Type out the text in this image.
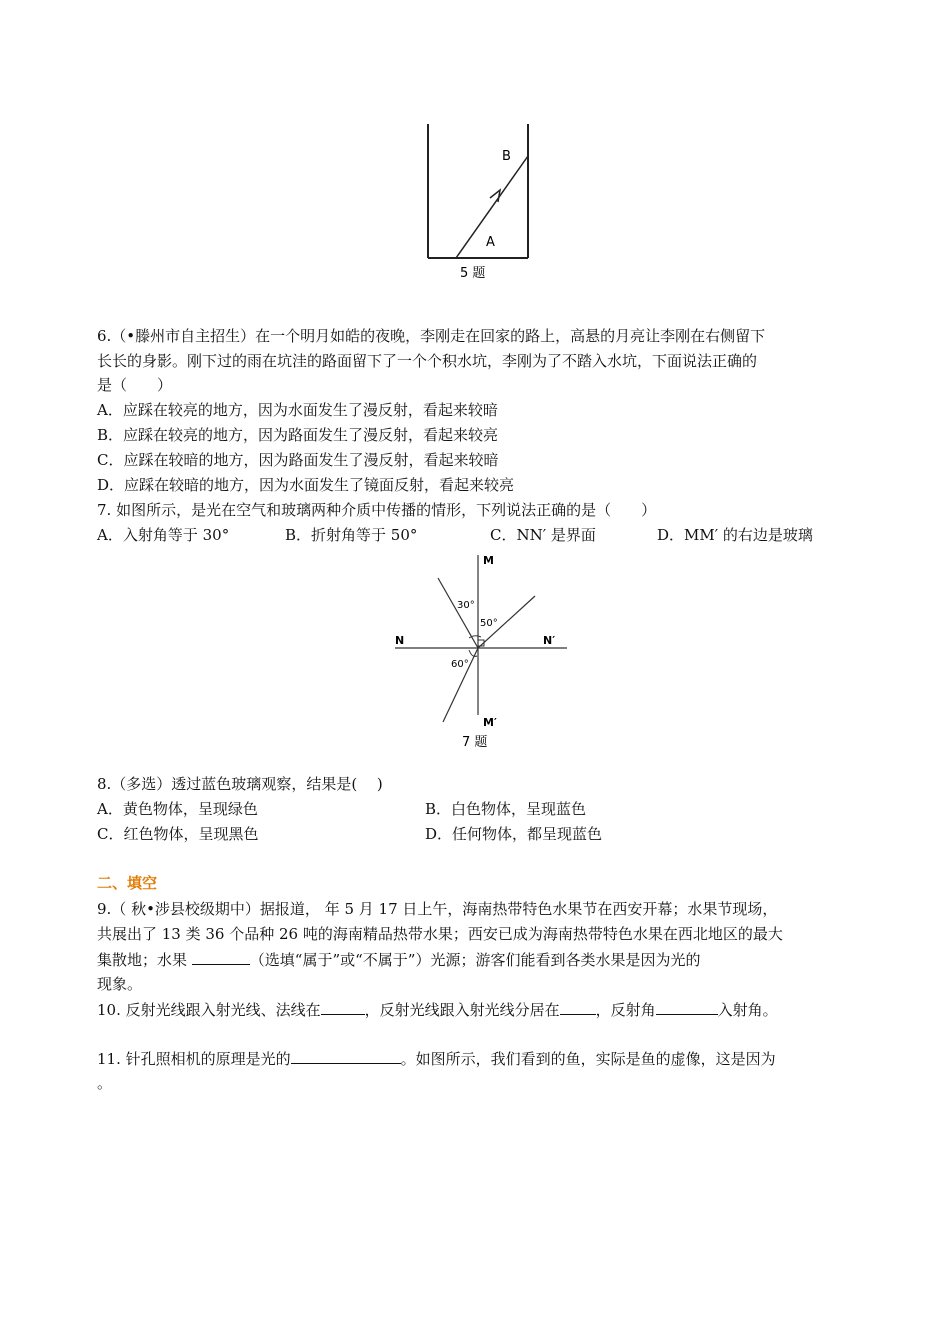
B
A
5 题
6.（•滕州市自主招生）在一个明月如皓的夜晚，李刚走在回家的路上，高悬的月亮让李刚在右侧留下
长长的身影。刚下过的雨在坑洼的路面留下了一个个积水坑，李刚为了不踏入水坑，下面说法正确的
是（　　）
A．应踩在较亮的地方，因为水面发生了漫反射，看起来较暗
B．应踩在较亮的地方，因为路面发生了漫反射，看起来较亮
C．应踩在较暗的地方，因为路面发生了漫反射，看起来较暗
D．应踩在较暗的地方，因为水面发生了镜面反射，看起来较亮
7. 如图所示，是光在空气和玻璃两种介质中传播的情形，下列说法正确的是（　　）
A．入射角等于 30°	B．折射角等于 50°	C．NN′ 是界面	D．MM′ 的右边是玻璃
M
M′
N	N′
30°
50°
60°
7 题
8.（多选）透过蓝色玻璃观察，结果是(　 )
A．黄色物体，呈现绿色	B．白色物体，呈现蓝色
C．红色物体，呈现黑色	D．任何物体，都呈现蓝色
二、填空
9.（ 秋•涉县校级期中）据报道， 年 5 月 17 日上午，海南热带特色水果节在西安开幕；水果节现场，
共展出了 13 类 36 个品种 26 吨的海南精品热带水果；西安已成为海南热带特色水果在西北地区的最大
集散地；水果	（选填“属于”或“不属于”）光源；游客们能看到各类水果是因为光的
现象。
10. 反射光线跟入射光线、法线在	，反射光线跟入射光线分居在 ，反射角	入射角。
11. 针孔照相机的原理是光的	。如图所示，我们看到的鱼，实际是鱼的虚像，这是因为
。
